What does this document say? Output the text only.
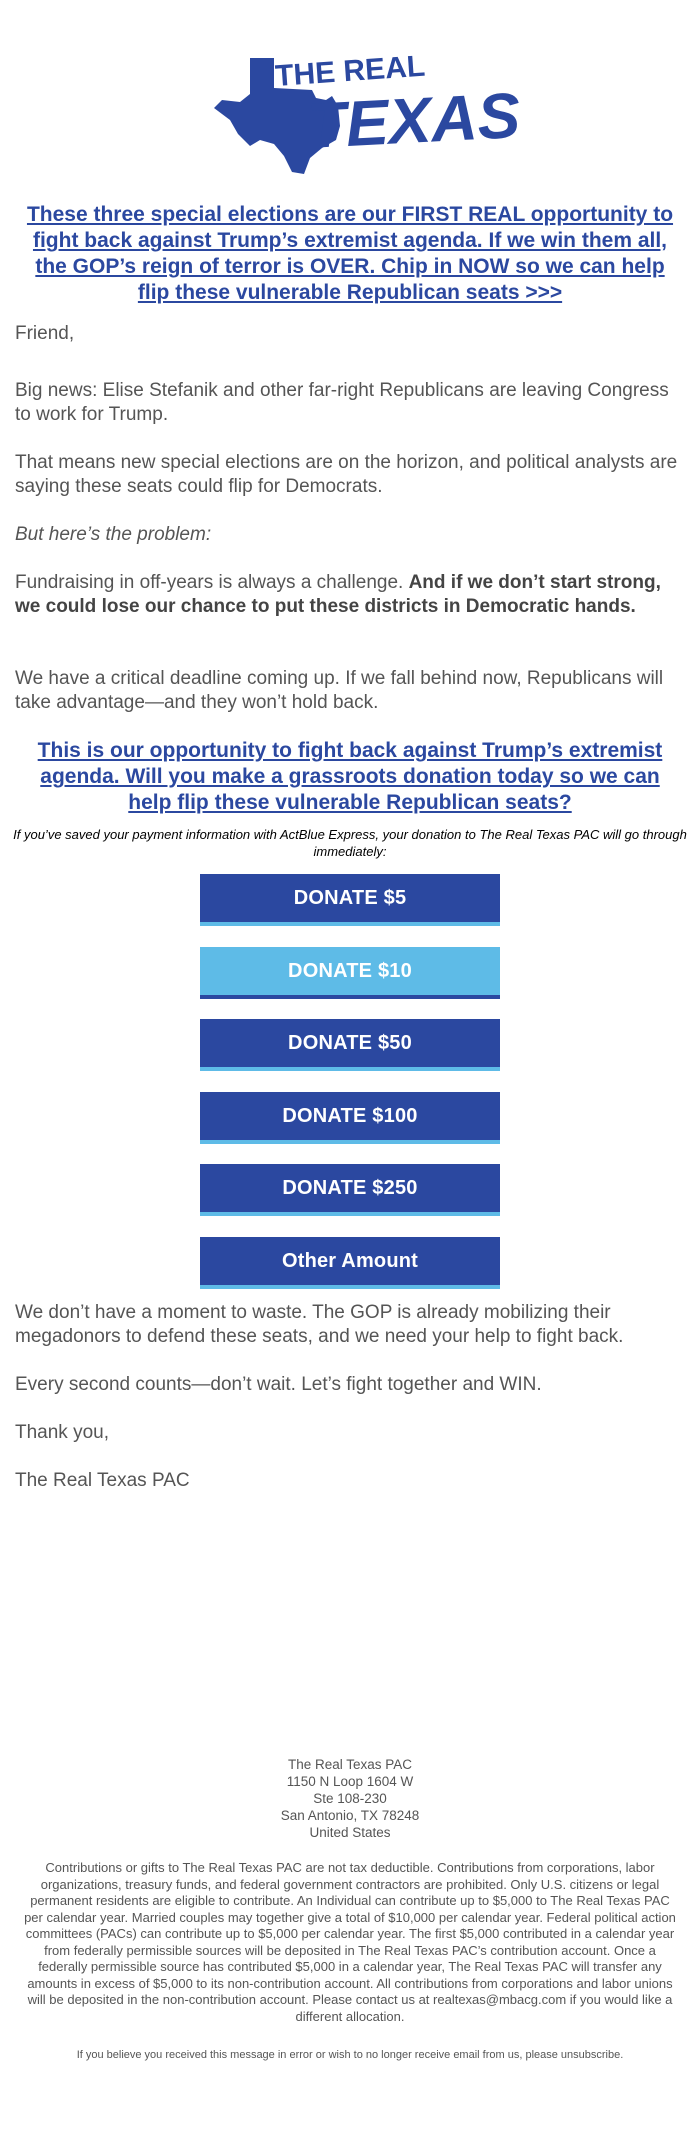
THE REAL
TEXAS
These three special elections are our FIRST REAL opportunity to fight back against Trump’s extremist agenda. If we win them all, the GOP’s reign of terror is OVER. Chip in NOW so we can help flip these vulnerable Republican seats >>>
Friend,
Big news: Elise Stefanik and other far-right Republicans are leaving Congress to work for Trump.
That means new special elections are on the horizon, and political analysts are saying these seats could flip for Democrats.
But here’s the problem:
Fundraising in off-years is always a challenge. And if we don’t start strong, we could lose our chance to put these districts in Democratic hands.
We have a critical deadline coming up. If we fall behind now, Republicans will take advantage—and they won’t hold back.
This is our opportunity to fight back against Trump’s extremist agenda. Will you make a grassroots donation today so we can help flip these vulnerable Republican seats?
If you’ve saved your payment information with ActBlue Express, your donation to The Real Texas PAC will go through immediately:
DONATE $5
DONATE $10
DONATE $50
DONATE $100
DONATE $250
Other Amount
We don’t have a moment to waste. The GOP is already mobilizing their megadonors to defend these seats, and we need your help to fight back.
Every second counts—don’t wait. Let’s fight together and WIN.
Thank you,
The Real Texas PAC
The Real Texas PAC
1150 N Loop 1604 W
Ste 108-230
San Antonio, TX 78248
United States
Contributions or gifts to The Real Texas PAC are not tax deductible. Contributions from corporations, labor organizations, treasury funds, and federal government contractors are prohibited. Only U.S. citizens or legal permanent residents are eligible to contribute. An Individual can contribute up to $5,000 to The Real Texas PAC per calendar year. Married couples may together give a total of $10,000 per calendar year. Federal political action committees (PACs) can contribute up to $5,000 per calendar year. The first $5,000 contributed in a calendar year from federally permissible sources will be deposited in The Real Texas PAC’s contribution account. Once a federally permissible source has contributed $5,000 in a calendar year, The Real Texas PAC will transfer any amounts in excess of $5,000 to its non-contribution account. All contributions from corporations and labor unions will be deposited in the non-contribution account. Please contact us at realtexas@mbacg.com if you would like a different allocation.
If you believe you received this message in error or wish to no longer receive email from us, please unsubscribe.
